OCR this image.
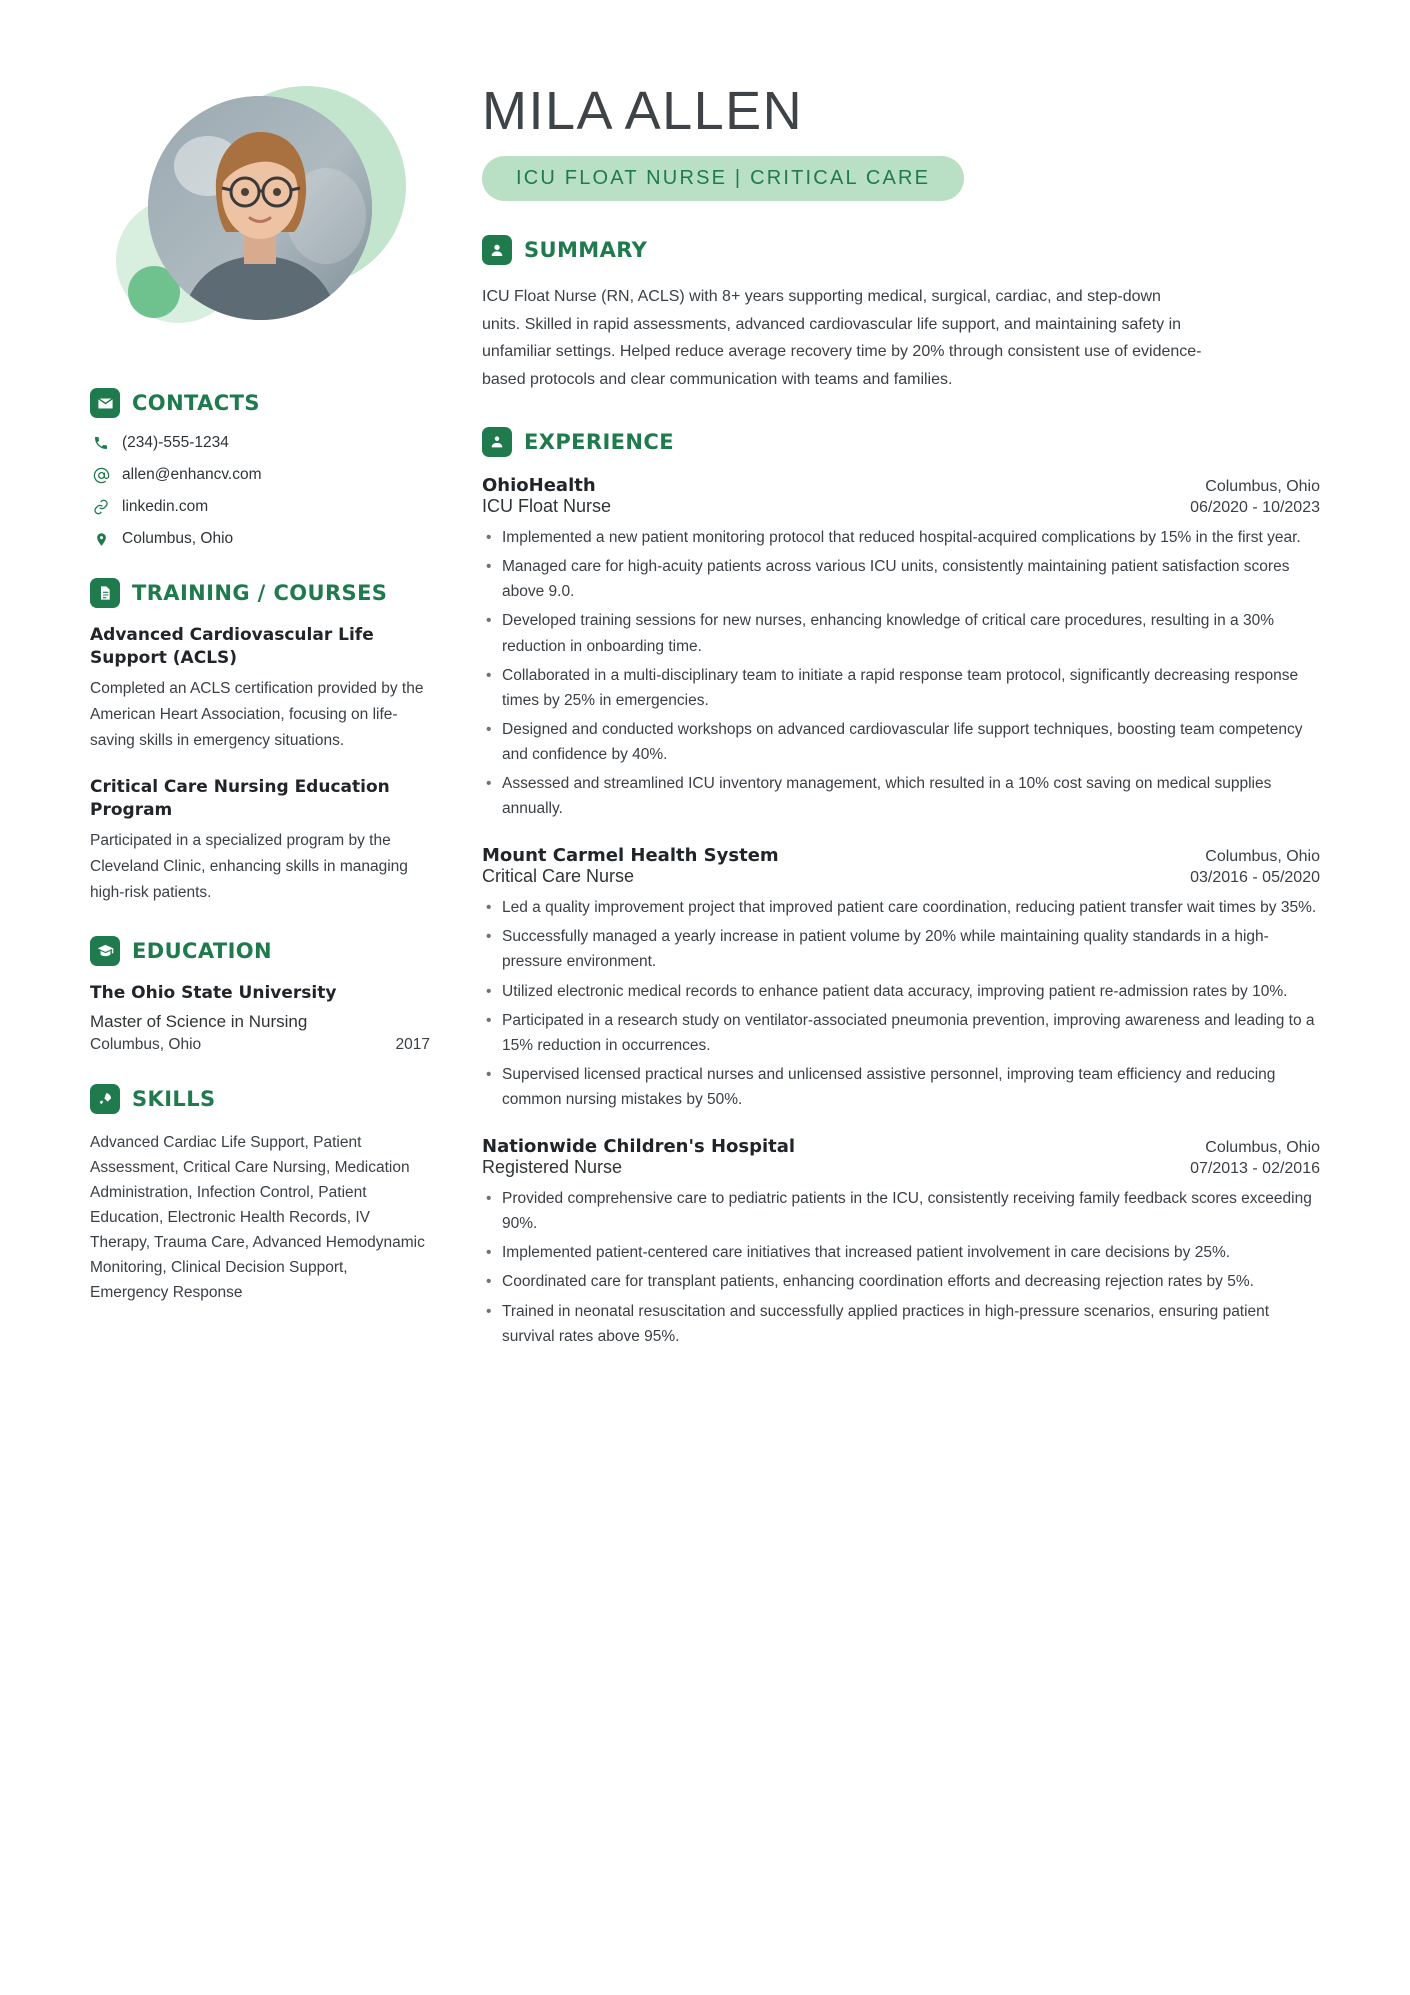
CONTACTS
(234)-555-1234
allen@enhancv.com
linkedin.com
Columbus, Ohio
TRAINING / COURSES
Advanced Cardiovascular Life Support (ACLS)
Completed an ACLS certification provided by the American Heart Association, focusing on life-saving skills in emergency situations.
Critical Care Nursing Education Program
Participated in a specialized program by the Cleveland Clinic, enhancing skills in managing high-risk patients.
EDUCATION
The Ohio State University
Master of Science in Nursing
Columbus, Ohio	2017
SKILLS
Advanced Cardiac Life Support, Patient Assessment, Critical Care Nursing, Medication Administration, Infection Control, Patient Education, Electronic Health Records, IV Therapy, Trauma Care, Advanced Hemodynamic Monitoring, Clinical Decision Support, Emergency Response
MILA ALLEN
ICU FLOAT NURSE | CRITICAL CARE
SUMMARY
ICU Float Nurse (RN, ACLS) with 8+ years supporting medical, surgical, cardiac, and step-down units. Skilled in rapid assessments, advanced cardiovascular life support, and maintaining safety in unfamiliar settings. Helped reduce average recovery time by 20% through consistent use of evidence-based protocols and clear communication with teams and families.
EXPERIENCE
OhioHealth	Columbus, Ohio
ICU Float Nurse	06/2020 - 10/2023
• Implemented a new patient monitoring protocol that reduced hospital-acquired complications by 15% in the first year.
• Managed care for high-acuity patients across various ICU units, consistently maintaining patient satisfaction scores above 9.0.
• Developed training sessions for new nurses, enhancing knowledge of critical care procedures, resulting in a 30% reduction in onboarding time.
• Collaborated in a multi-disciplinary team to initiate a rapid response team protocol, significantly decreasing response times by 25% in emergencies.
• Designed and conducted workshops on advanced cardiovascular life support techniques, boosting team competency and confidence by 40%.
• Assessed and streamlined ICU inventory management, which resulted in a 10% cost saving on medical supplies annually.
Mount Carmel Health System	Columbus, Ohio
Critical Care Nurse	03/2016 - 05/2020
• Led a quality improvement project that improved patient care coordination, reducing patient transfer wait times by 35%.
• Successfully managed a yearly increase in patient volume by 20% while maintaining quality standards in a high-pressure environment.
• Utilized electronic medical records to enhance patient data accuracy, improving patient re-admission rates by 10%.
• Participated in a research study on ventilator-associated pneumonia prevention, improving awareness and leading to a 15% reduction in occurrences.
• Supervised licensed practical nurses and unlicensed assistive personnel, improving team efficiency and reducing common nursing mistakes by 50%.
Nationwide Children's Hospital	Columbus, Ohio
Registered Nurse	07/2013 - 02/2016
• Provided comprehensive care to pediatric patients in the ICU, consistently receiving family feedback scores exceeding 90%.
• Implemented patient-centered care initiatives that increased patient involvement in care decisions by 25%.
• Coordinated care for transplant patients, enhancing coordination efforts and decreasing rejection rates by 5%.
• Trained in neonatal resuscitation and successfully applied practices in high-pressure scenarios, ensuring patient survival rates above 95%.
